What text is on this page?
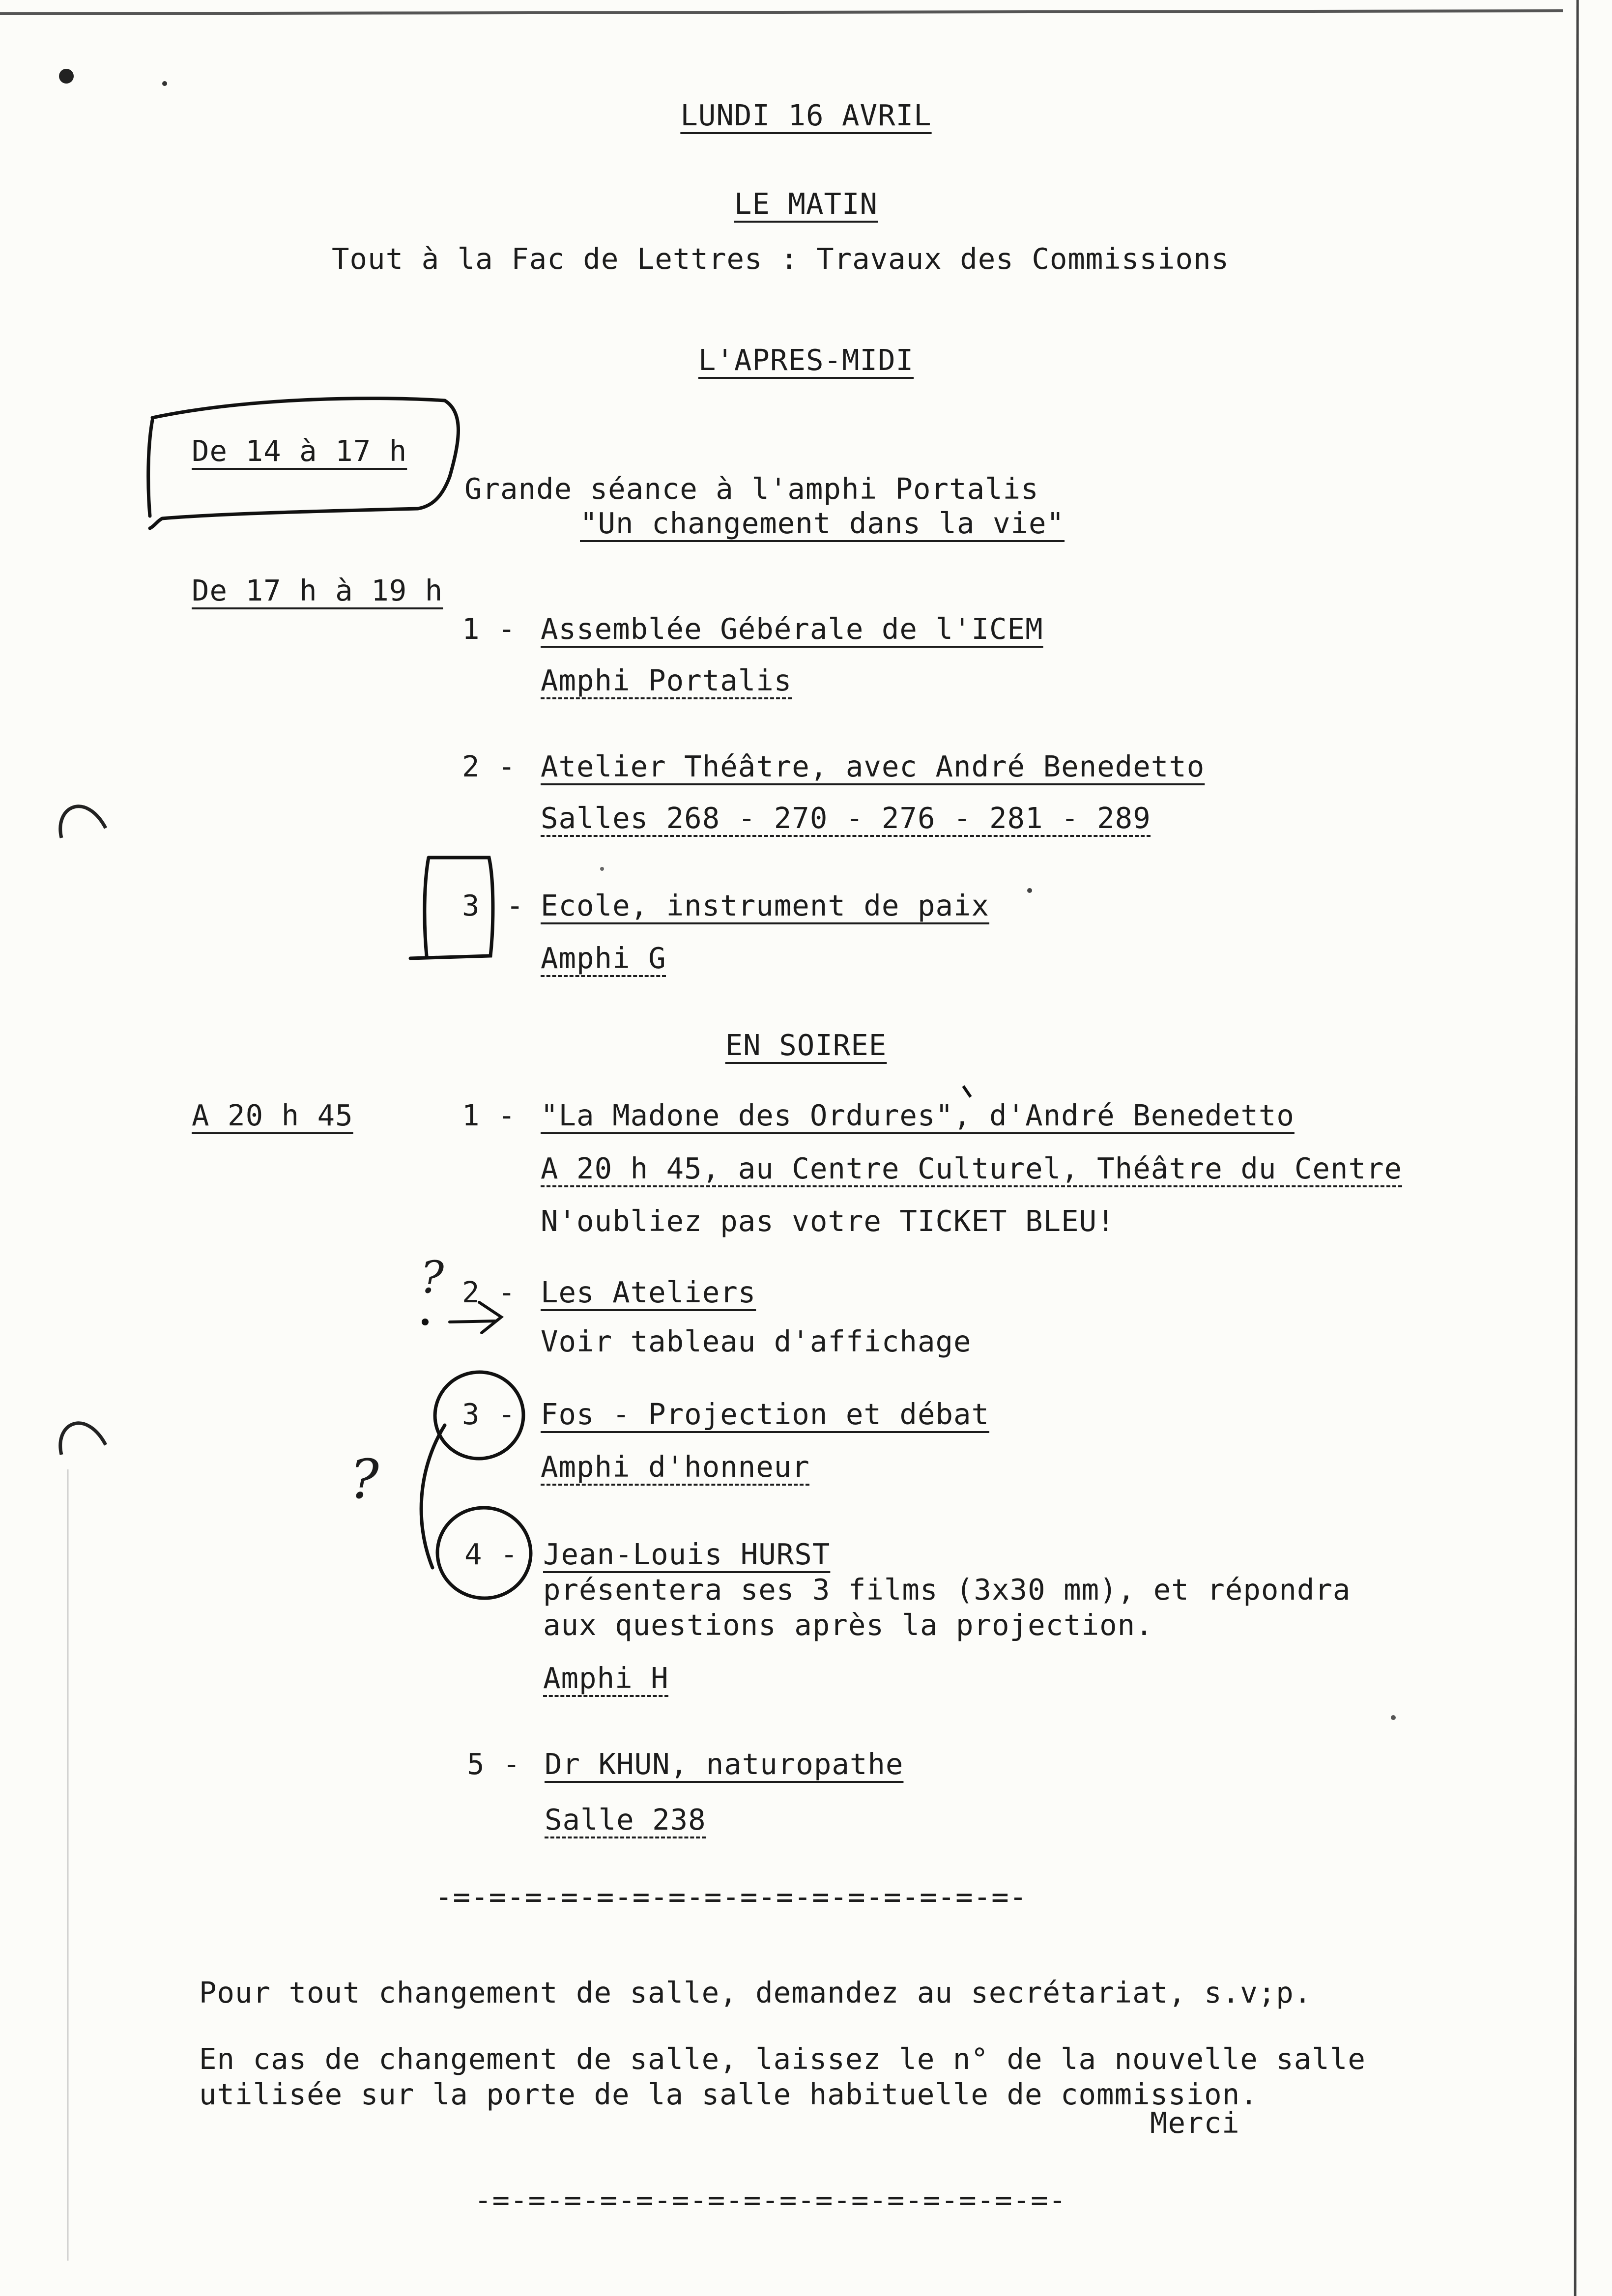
LUNDI 16 AVRIL
LE MATIN
Tout à la Fac de Lettres : Travaux des Commissions
L'APRES-MIDI
De 14 à 17 h
Grande séance à l'amphi Portalis
"Un changement dans la vie"
De 17 h à 19 h
1 - Assemblée Gébérale de l'ICEM
Amphi Portalis
2 - Atelier Théâtre, avec André Benedetto
Salles 268 - 270 - 276 - 281 - 289
3 - Ecole, instrument de paix
Amphi G
EN SOIREE
A 20 h 45	1 - "La Madone des Ordures", d'André Benedetto
A 20 h 45, au Centre Culturel, Théâtre du Centre
N'oubliez pas votre TICKET BLEU!
2 - Les Ateliers
Voir tableau d'affichage
3 - Fos - Projection et débat
Amphi d'honneur
4 - Jean-Louis HURST
présentera ses 3 films (3x30 mm), et répondra
aux questions après la projection.
Amphi H
5 - Dr KHUN, naturopathe
Salle 238
-=-=-=-=-=-=-=-=-=-=-=-=-=-=-=-=-
Pour tout changement de salle, demandez au secrétariat, s.v;p.
En cas de changement de salle, laissez le n° de la nouvelle salle
utilisée sur la porte de la salle habituelle de commission.
Merci
-=-=-=-=-=-=-=-=-=-=-=-=-=-=-=-=-
?
?
